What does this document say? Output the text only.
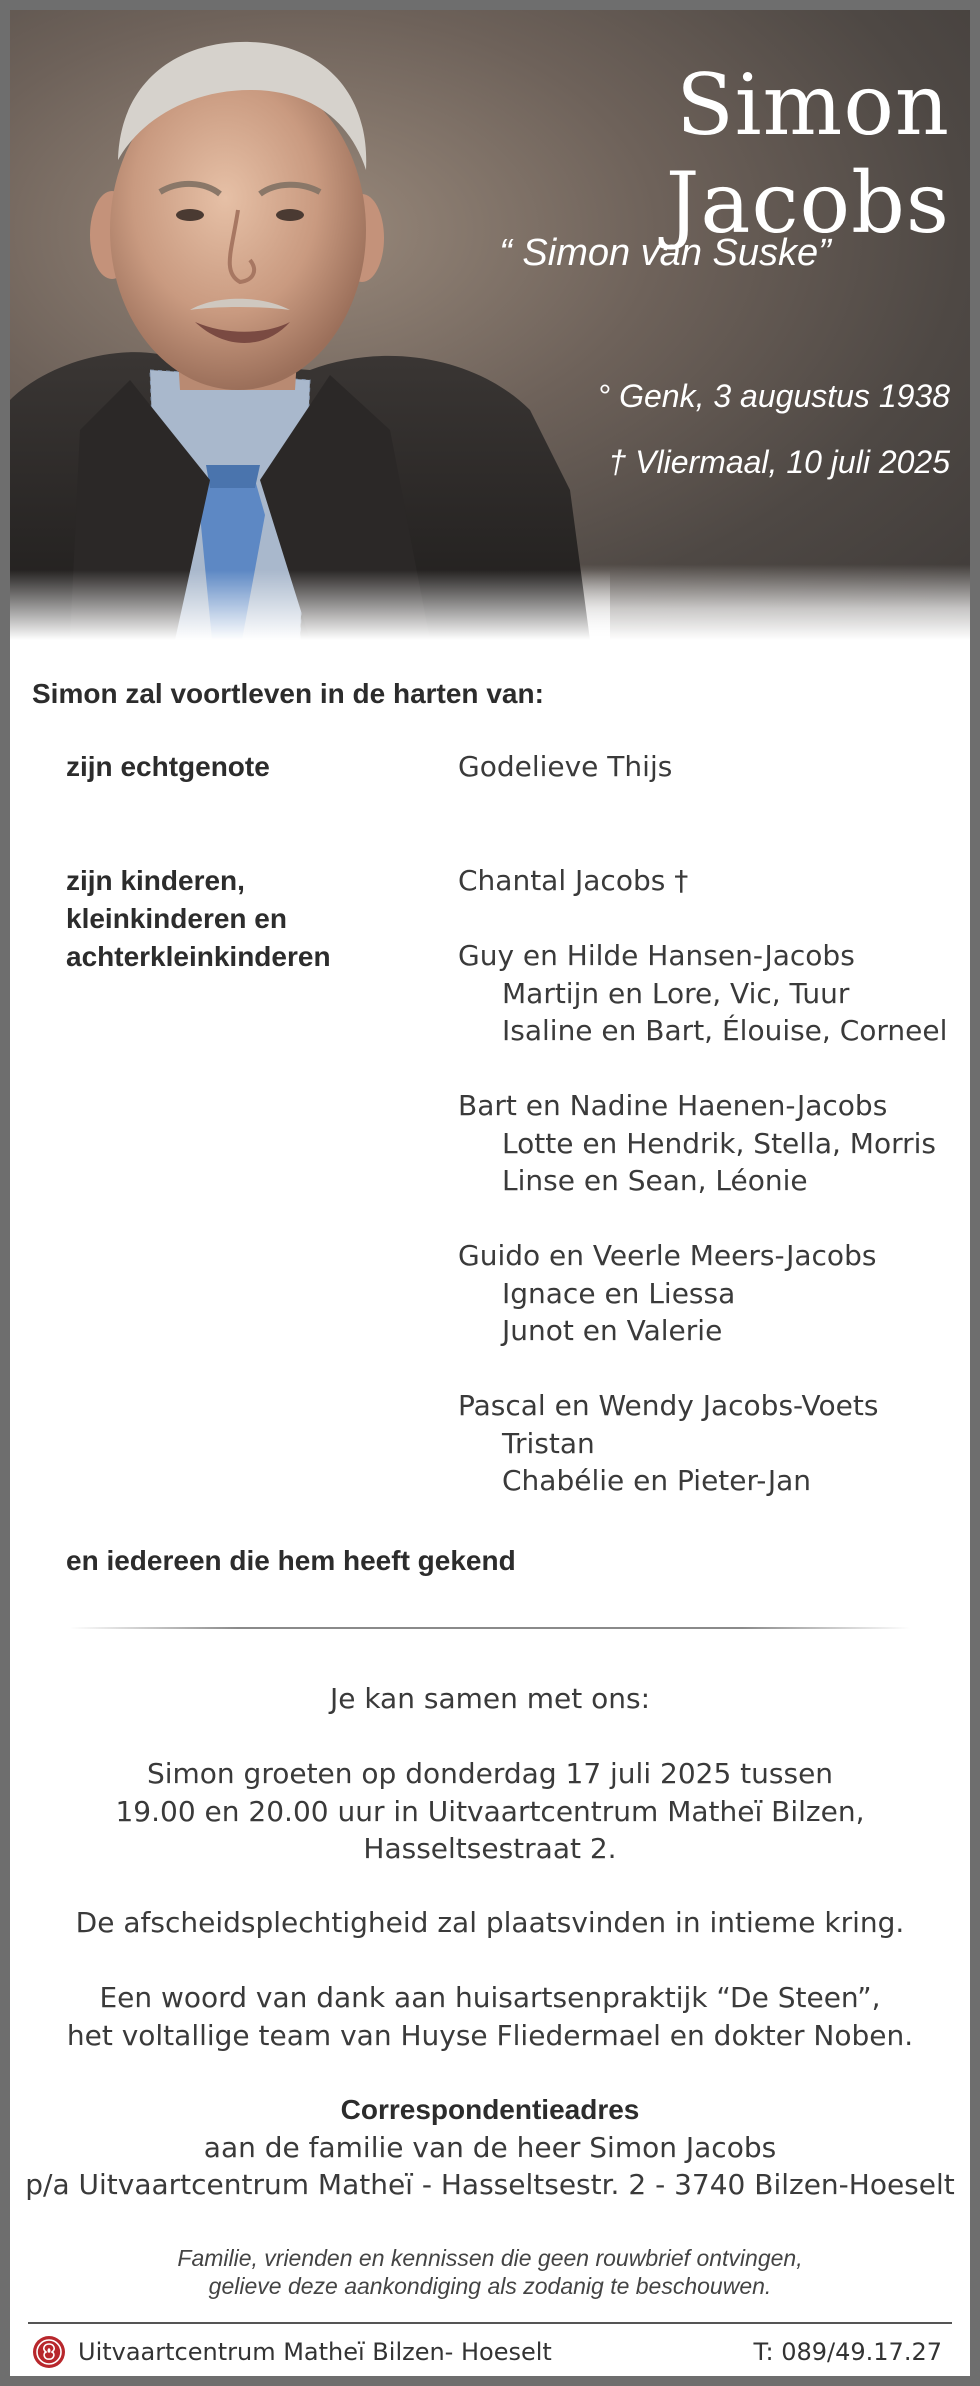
Simon Jacobs
“ Simon van Suske”
° Genk, 3 augustus 1938
† Vliermaal, 10 juli 2025
Simon zal voortleven in de harten van:
zijn echtgenote	Godelieve Thijs
zijn kinderen,
kleinkinderen en
achterkleinkinderen
Chantal Jacobs †
Guy en Hilde Hansen-Jacobs
Martijn en Lore, Vic, Tuur
Isaline en Bart, Élouise, Corneel
Bart en Nadine Haenen-Jacobs
Lotte en Hendrik, Stella, Morris
Linse en Sean, Léonie
Guido en Veerle Meers-Jacobs
Ignace en Liessa
Junot en Valerie
Pascal en Wendy Jacobs-Voets
Tristan
Chabélie en Pieter-Jan
en iedereen die hem heeft gekend
Je kan samen met ons:
Simon groeten op donderdag 17 juli 2025 tussen
19.00 en 20.00 uur in Uitvaartcentrum Matheï Bilzen,
Hasseltsestraat 2.
De afscheidsplechtigheid zal plaatsvinden in intieme kring.
Een woord van dank aan huisartsenpraktijk “De Steen”,
het voltallige team van Huyse Fliedermael en dokter Noben.
Correspondentieadres
aan de familie van de heer Simon Jacobs
p/a Uitvaartcentrum Matheï - Hasseltsestr. 2 - 3740 Bilzen-Hoeselt
Familie, vrienden en kennissen die geen rouwbrief ontvingen,
gelieve deze aankondiging als zodanig te beschouwen.
Uitvaartcentrum Matheï Bilzen- Hoeselt	T: 089/49.17.27
